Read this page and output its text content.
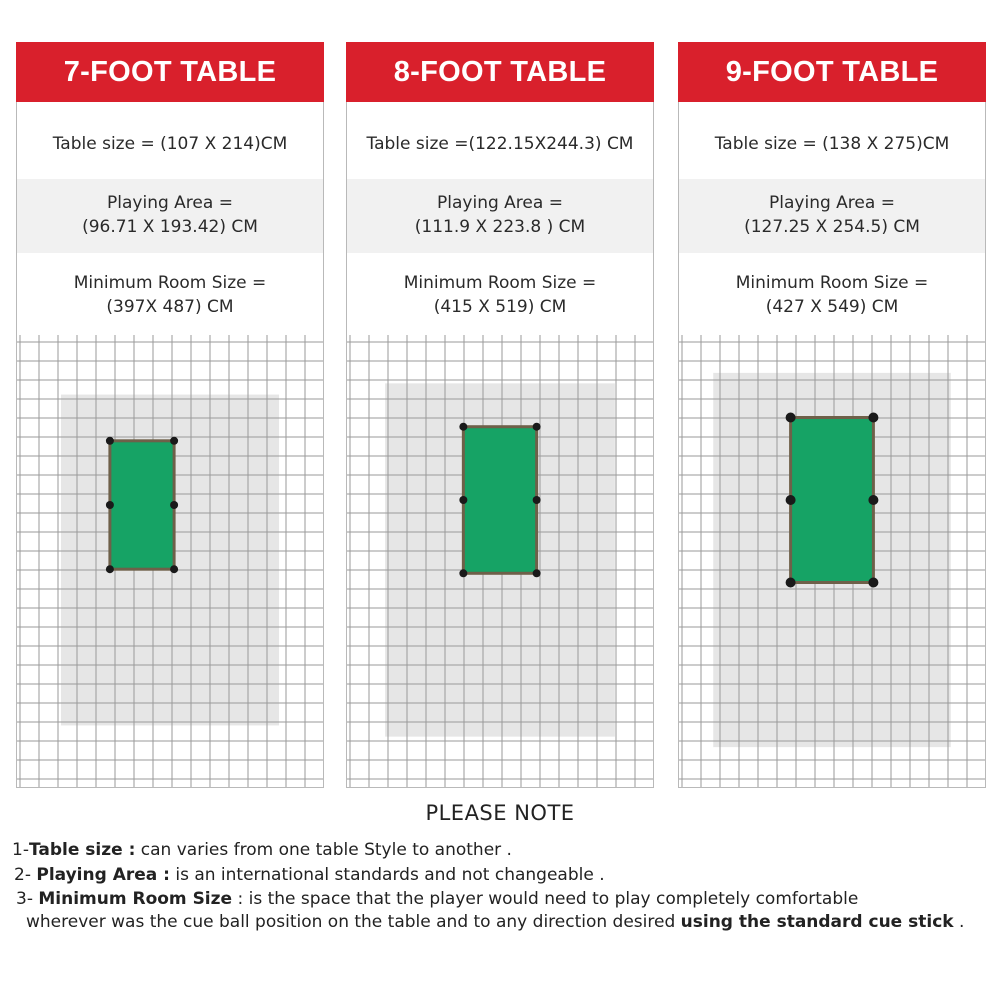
7-FOOT TABLE
Table size = (107 X 214)CM
Playing Area =
(96.71 X 193.42) CM
Minimum Room Size =
(397X 487) CM
8-FOOT TABLE
Table size =(122.15X244.3) CM
Playing Area =
(111.9 X 223.8 ) CM
Minimum Room Size =
(415 X 519) CM
9-FOOT TABLE
Table size = (138 X 275)CM
Playing Area =
(127.25 X 254.5) CM
Minimum Room Size =
(427 X 549) CM
PLEASE NOTE
1-Table size : can varies from one table Style to another .
2- Playing Area : is an international standards and not changeable .
3- Minimum Room Size : is the space that the player would need to play completely comfortable
wherever was the cue ball position on the table and to any direction desired using the standard cue stick .
